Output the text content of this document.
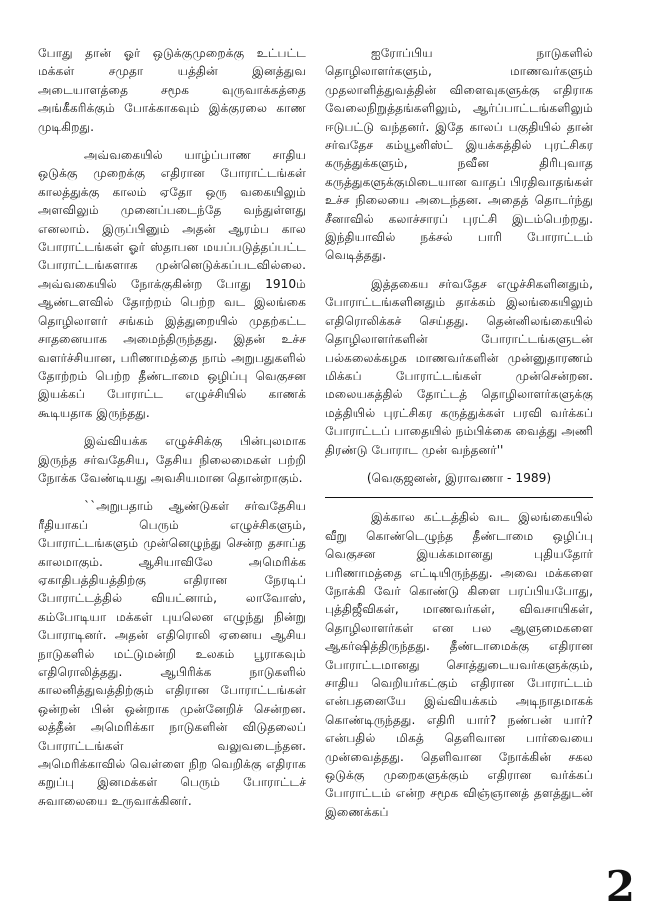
போது தான் ஓர் ஒடுக்குமுறைக்கு உட்பட்ட மக்கள் சமுதா யத்தின் இனத்துவ அடையாளத்தை சமூக வுருவாக்கத்தை அங்கீகரிக்கும் போக்காகவும் இக்குரலை காண முடிகிறது.

அவ்வகையில் யாழ்ப்பாண சாதிய ஒடுக்கு முறைக்கு எதிரான போராட்டங்கள் காலத்துக்கு காலம் ஏதோ ஒரு வகையிலும் அளவிலும் முனைப்படைந்தே வந்துள்ளது எனலாம். இருப்பினும் அதன் ஆரம்ப கால போராட்டங்கள் ஓர் ஸ்தாபன மயப்படுத்தப்பட்ட போராட்டங்களாக முன்னெடுக்கப்படவில்லை. அவ்வகையில் நோக்குகின்ற போது 1910ம் ஆண்டளவில் தோற்றம் பெற்ற வட இலங்கை தொழிலாளர் சங்கம் இத்துறையில் முதற்கட்ட சாதனையாக அமைந்திருந்தது. இதன் உச்ச வளர்ச்சியான, பரிணாமத்தை நாம் அறுபதுகளில் தோற்றம் பெற்ற தீண்டாமை ஒழிப்பு வெகுசன இயக்கப் போராட்ட எழுச்சியில் காணக் கூடியதாக இருந்தது.

இவ்வியக்க எழுச்சிக்கு பின்புலமாக இருந்த சர்வதேசிய, தேசிய நிலைமைகள் பற்றி நோக்க வேண்டியது அவசியமான தொன்றாகும்.

``அறுபதாம் ஆண்டுகள் சர்வதேசிய ரீதியாகப் பெரும் எழுச்சிகளும், போராட்டங்களும் முன்னெழுந்து சென்ற தசாப்த காலமாகும். ஆசியாவிலே அமெரிக்க ஏகாதிபத்தியத்திற்கு எதிரான நேரடிப் போராட்டத்தில் வியட்னாம், லாவோஸ், கம்போடியா மக்கள் புயலென எழுந்து நின்று போராடினர். அதன் எதிரொலி ஏனைய ஆசிய நாடுகளில் மட்டுமன்றி உலகம் பூராகவும் எதிரொலித்தது. ஆபிரிக்க நாடுகளில் காலனித்துவத்திற்கும் எதிரான போராட்டங்கள் ஒன்றன் பின் ஒன்றாக முன்னேறிச் சென்றன. லத்தீன் அமெரிக்கா நாடுகளின் விடுதலைப் போராட்டங்கள் வலுவடைந்தன. அமெரிக்காவில் வெள்ளை நிற வெறிக்கு எதிராக கறுப்பு இனமக்கள் பெரும் போராட்டச் சுவாலையை உருவாக்கினர்.

ஐரோப்பிய நாடுகளில் தொழிலாளர்களும், மாணவர்களும் முதலாளித்துவத்தின் விளைவுகளுக்கு எதிராக வேலைநிறுத்தங்களிலும், ஆர்ப்பாட்டங்களிலும் ஈடுபட்டு வந்தனர். இதே காலப் பகுதியில் தான் சர்வதேச கம்யூனிஸ்ட் இயக்கத்தில் புரட்சிகர கருத்துக்களும், நவீன திரிபுவாத கருத்துகளுக்குமிடையான வாதப் பிரதிவாதங்கள் உச்ச நிலையை அடைந்தன. அதைத் தொடர்ந்து சீனாவில் கலாச்சாரப் புரட்சி இடம்பெற்றது. இந்தியாவில் நக்சல் பாரி போராட்டம் வெடித்தது.

இத்தகைய சர்வதேச எழுச்சிகளினதும், போராட்டங்களினதும் தாக்கம் இலங்கையிலும் எதிரொலிக்கச் செய்தது. தென்னிலங்கையில் தொழிலாளர்களின் போராட்டங்களுடன் பல்கலைக்கழக மாணவர்களின் முன்னுதாரணம் மிக்கப் போராட்டங்கள் முன்சென்றன. மலையகத்தில் தோட்டத் தொழிலாளர்களுக்கு மத்தியில் புரட்சிகர கருத்துக்கள் பரவி வர்க்கப் போராட்டப் பாதையில் நம்பிக்கை வைத்து அணி திரண்டு போராட முன் வந்தனர்''

(வெகுஜனன், இராவணா - 1989)

இக்கால கட்டத்தில் வட இலங்கையில் வீறு கொண்டெழுந்த தீண்டாமை ஒழிப்பு வெகுசன இயக்கமானது புதியதோர் பரிணாமத்தை எட்டியிருந்தது. அவை மக்களை நோக்கி வேர் கொண்டு கிளை பரப்பியபோது, புத்திஜீவிகள், மாணவர்கள், விவசாயிகள், தொழிலாளர்கள் என பல ஆளுமைகளை ஆகர்ஷித்திருந்தது. தீண்டாமைக்கு எதிரான போராட்டமானது சொத்துடையவர்களுக்கும், சாதிய வெறியர்கட்கும் எதிரான போராட்டம் என்பதனையே இவ்வியக்கம் அடிநாதமாகக் கொண்டிருந்தது. எதிரி யார்? நண்பன் யார்? என்பதில் மிகத் தெளிவான பார்வையை முன்வைத்தது. தெளிவான நோக்கின் சகல ஒடுக்கு முறைகளுக்கும் எதிரான வர்க்கப் போராட்டம் என்ற சமூக விஞ்ஞானத் தளத்துடன் இணைக்கப்

2
